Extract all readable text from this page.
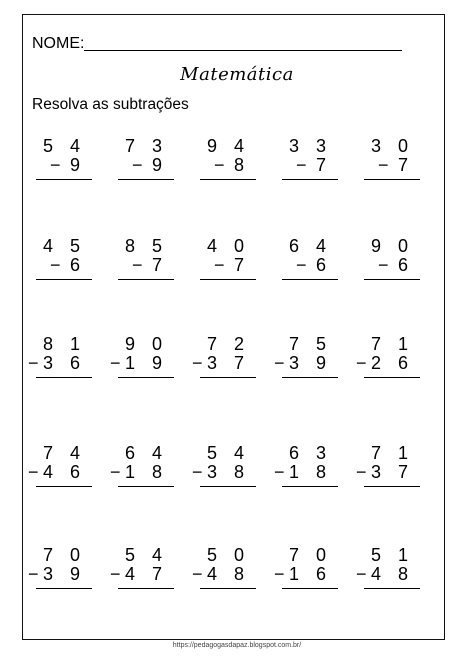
NOME:
Matemática
Resolva as subtrações
5 4
− 9
7 3
− 9
9 4
− 8
3 3
− 7
3 0
− 7
4 5
− 6
8 5
− 7
4 0
− 7
6 4
− 6
9 0
− 6
8 1
− 3 6
9 0
− 1 9
7 2
− 3 7
7 5
− 3 9
7 1
− 2 6
7 4
− 4 6
6 4
− 1 8
5 4
− 3 8
6 3
− 1 8
7 1
− 3 7
7 0
− 3 9
5 4
− 4 7
5 0
− 4 8
7 0
− 1 6
5 1
− 4 8
https://pedagogasdapaz.blogspot.com.br/
